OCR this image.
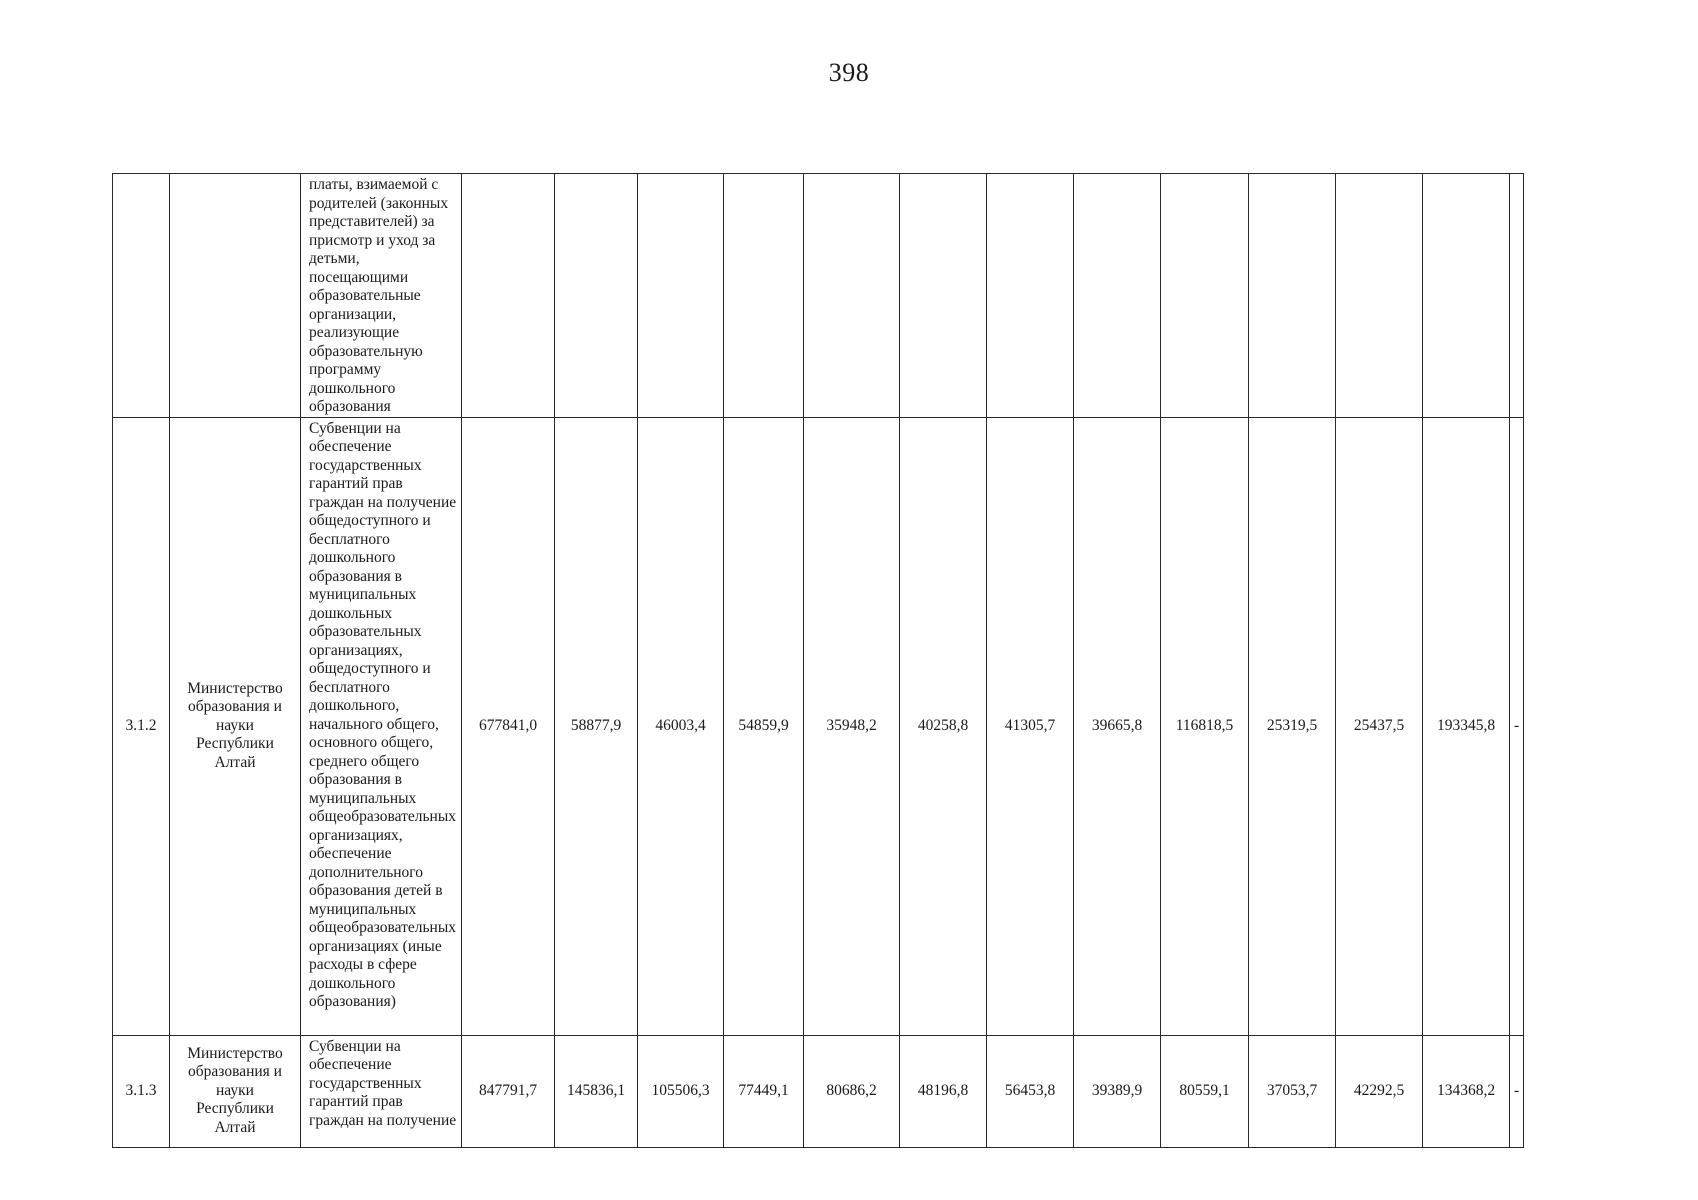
398
		платы, взимаемой с родителей (законных представителей) за присмотр и уход за детьми, посещающими образовательные организации, реализующие образовательную программу дошкольного образования													
3.1.2	Министерство образования и науки Республики Алтай	Субвенции на обеспечение государственных гарантий прав граждан на получение общедоступного и бесплатного дошкольного образования в муниципальных дошкольных образовательных организациях, общедоступного и бесплатного дошкольного, начального общего, основного общего, среднего общего образования в муниципальных общеобразовательных организациях, обеспечение дополнительного образования детей в муниципальных общеобразовательных организациях (иные расходы в сфере дошкольного образования)	677841,0	58877,9	46003,4	54859,9	35948,2	40258,8	41305,7	39665,8	116818,5	25319,5	25437,5	193345,8	-
3.1.3	Министерство образования и науки Республики Алтай	Субвенции на обеспечение государственных гарантий прав граждан на получение	847791,7	145836,1	105506,3	77449,1	80686,2	48196,8	56453,8	39389,9	80559,1	37053,7	42292,5	134368,2	-
